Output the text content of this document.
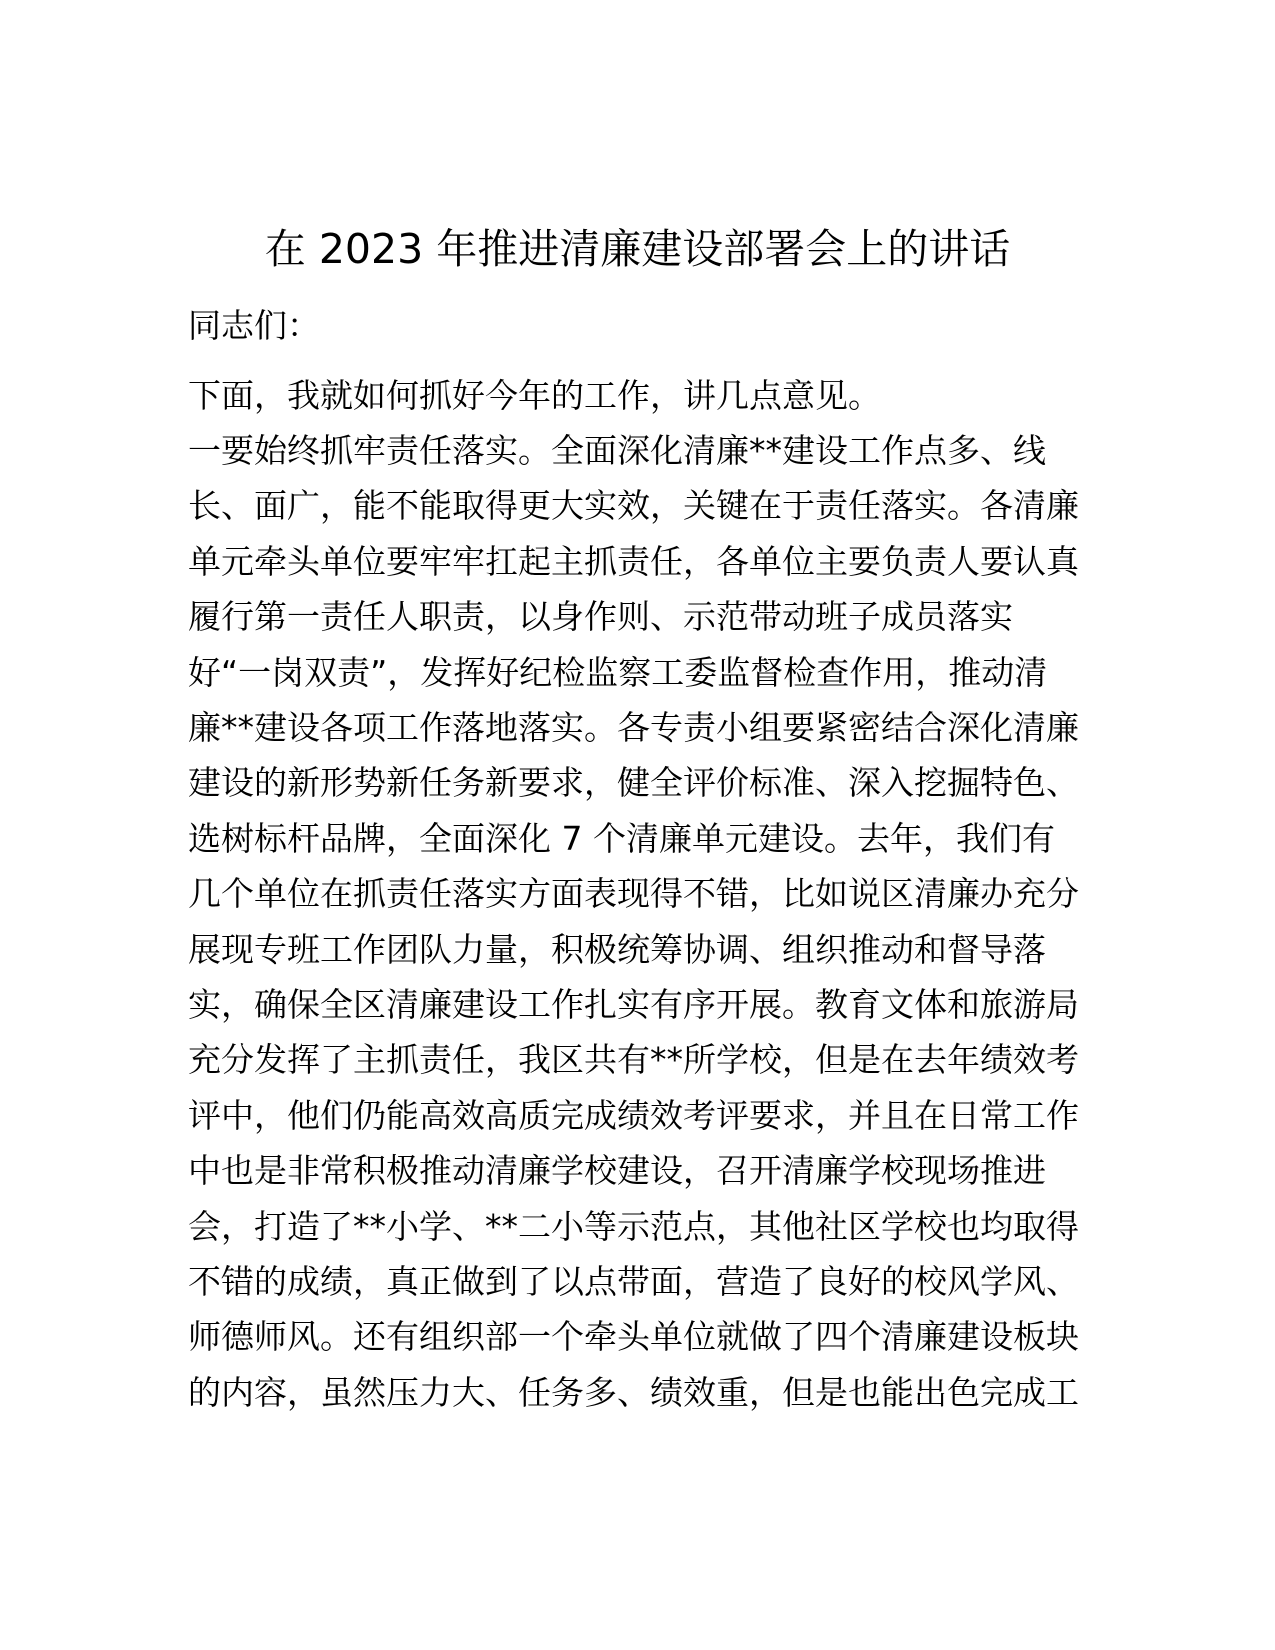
在 2023 年推进清廉建设部署会上的讲话

同志们：

下面，我就如何抓好今年的工作，讲几点意见。

一要始终抓牢责任落实。全面深化清廉**建设工作点多、线

长、面广，能不能取得更大实效，关键在于责任落实。各清廉

单元牵头单位要牢牢扛起主抓责任，各单位主要负责人要认真

履行第一责任人职责，以身作则、示范带动班子成员落实

好“一岗双责”，发挥好纪检监察工委监督检查作用，推动清

廉**建设各项工作落地落实。各专责小组要紧密结合深化清廉

建设的新形势新任务新要求，健全评价标准、深入挖掘特色、

选树标杆品牌，全面深化 7 个清廉单元建设。去年，我们有

几个单位在抓责任落实方面表现得不错，比如说区清廉办充分

展现专班工作团队力量，积极统筹协调、组织推动和督导落

实，确保全区清廉建设工作扎实有序开展。教育文体和旅游局

充分发挥了主抓责任，我区共有**所学校，但是在去年绩效考

评中，他们仍能高效高质完成绩效考评要求，并且在日常工作

中也是非常积极推动清廉学校建设，召开清廉学校现场推进

会，打造了**小学、**二小等示范点，其他社区学校也均取得

不错的成绩，真正做到了以点带面，营造了良好的校风学风、

师德师风。还有组织部一个牵头单位就做了四个清廉建设板块

的内容，虽然压力大、任务多、绩效重，但是也能出色完成工
